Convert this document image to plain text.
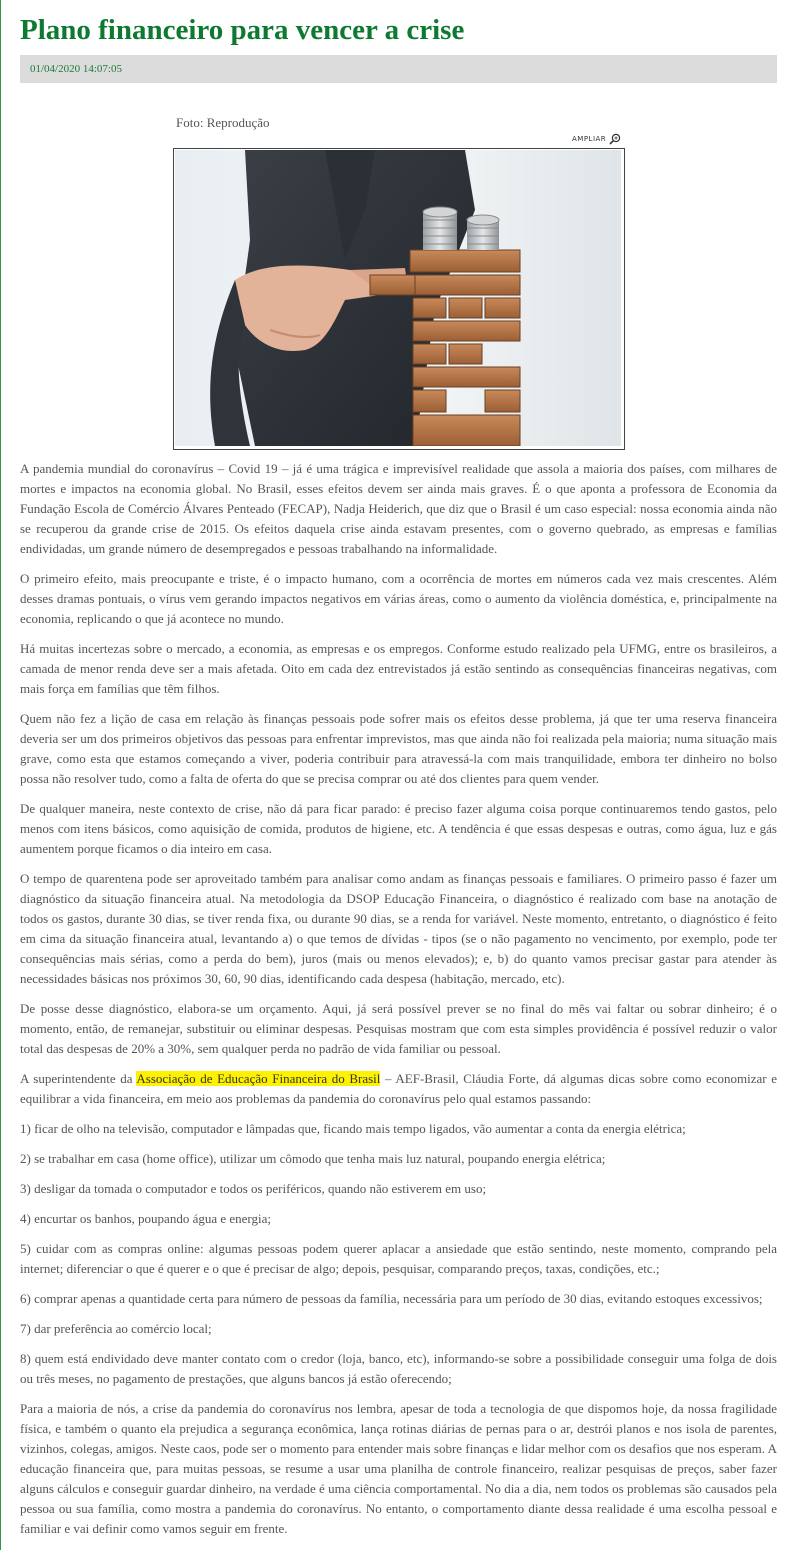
Plano financeiro para vencer a crise
01/04/2020 14:07:05
Foto: Reprodução
AMPLIAR

A pandemia mundial do coronavírus – Covid 19 – já é uma trágica e imprevisível realidade que assola a maioria dos países, com milhares de mortes e impactos na economia global. No Brasil, esses efeitos devem ser ainda mais graves. É o que aponta a professora de Economia da Fundação Escola de Comércio Álvares Penteado (FECAP), Nadja Heiderich, que diz que o Brasil é um caso especial: nossa economia ainda não se recuperou da grande crise de 2015. Os efeitos daquela crise ainda estavam presentes, com o governo quebrado, as empresas e famílias endividadas, um grande número de desempregados e pessoas trabalhando na informalidade.

O primeiro efeito, mais preocupante e triste, é o impacto humano, com a ocorrência de mortes em números cada vez mais crescentes. Além desses dramas pontuais, o vírus vem gerando impactos negativos em várias áreas, como o aumento da violência doméstica, e, principalmente na economia, replicando o que já acontece no mundo.

Há muitas incertezas sobre o mercado, a economia, as empresas e os empregos. Conforme estudo realizado pela UFMG, entre os brasileiros, a camada de menor renda deve ser a mais afetada. Oito em cada dez entrevistados já estão sentindo as consequências financeiras negativas, com mais força em famílias que têm filhos.

Quem não fez a lição de casa em relação às finanças pessoais pode sofrer mais os efeitos desse problema, já que ter uma reserva financeira deveria ser um dos primeiros objetivos das pessoas para enfrentar imprevistos, mas que ainda não foi realizada pela maioria; numa situação mais grave, como esta que estamos começando a viver, poderia contribuir para atravessá-la com mais tranquilidade, embora ter dinheiro no bolso possa não resolver tudo, como a falta de oferta do que se precisa comprar ou até dos clientes para quem vender.

De qualquer maneira, neste contexto de crise, não dá para ficar parado: é preciso fazer alguma coisa porque continuaremos tendo gastos, pelo menos com itens básicos, como aquisição de comida, produtos de higiene, etc. A tendência é que essas despesas e outras, como água, luz e gás aumentem porque ficamos o dia inteiro em casa.

O tempo de quarentena pode ser aproveitado também para analisar como andam as finanças pessoais e familiares. O primeiro passo é fazer um diagnóstico da situação financeira atual. Na metodologia da DSOP Educação Financeira, o diagnóstico é realizado com base na anotação de todos os gastos, durante 30 dias, se tiver renda fixa, ou durante 90 dias, se a renda for variável. Neste momento, entretanto, o diagnóstico é feito em cima da situação financeira atual, levantando a) o que temos de dívidas - tipos (se o não pagamento no vencimento, por exemplo, pode ter consequências mais sérias, como a perda do bem), juros (mais ou menos elevados); e, b) do quanto vamos precisar gastar para atender às necessidades básicas nos próximos 30, 60, 90 dias, identificando cada despesa (habitação, mercado, etc).

De posse desse diagnóstico, elabora-se um orçamento. Aqui, já será possível prever se no final do mês vai faltar ou sobrar dinheiro; é o momento, então, de remanejar, substituir ou eliminar despesas. Pesquisas mostram que com esta simples providência é possível reduzir o valor total das despesas de 20% a 30%, sem qualquer perda no padrão de vida familiar ou pessoal.

A superintendente da Associação de Educação Financeira do Brasil – AEF-Brasil, Cláudia Forte, dá algumas dicas sobre como economizar e equilibrar a vida financeira, em meio aos problemas da pandemia do coronavírus pelo qual estamos passando:

1) ficar de olho na televisão, computador e lâmpadas que, ficando mais tempo ligados, vão aumentar a conta da energia elétrica;

2) se trabalhar em casa (home office), utilizar um cômodo que tenha mais luz natural, poupando energia elétrica;

3) desligar da tomada o computador e todos os periféricos, quando não estiverem em uso;

4) encurtar os banhos, poupando água e energia;

5) cuidar com as compras online: algumas pessoas podem querer aplacar a ansiedade que estão sentindo, neste momento, comprando pela internet; diferenciar o que é querer e o que é precisar de algo; depois, pesquisar, comparando preços, taxas, condições, etc.;

6) comprar apenas a quantidade certa para número de pessoas da família, necessária para um período de 30 dias, evitando estoques excessivos;

7) dar preferência ao comércio local;

8) quem está endividado deve manter contato com o credor (loja, banco, etc), informando-se sobre a possibilidade conseguir uma folga de dois ou três meses, no pagamento de prestações, que alguns bancos já estão oferecendo;

Para a maioria de nós, a crise da pandemia do coronavírus nos lembra, apesar de toda a tecnologia de que dispomos hoje, da nossa fragilidade física, e também o quanto ela prejudica a segurança econômica, lança rotinas diárias de pernas para o ar, destrói planos e nos isola de parentes, vizinhos, colegas, amigos. Neste caos, pode ser o momento para entender mais sobre finanças e lidar melhor com os desafios que nos esperam. A educação financeira que, para muitas pessoas, se resume a usar uma planilha de controle financeiro, realizar pesquisas de preços, saber fazer alguns cálculos e conseguir guardar dinheiro, na verdade é uma ciência comportamental. No dia a dia, nem todos os problemas são causados pela pessoa ou sua família, como mostra a pandemia do coronavírus. No entanto, o comportamento diante dessa realidade é uma escolha pessoal e familiar e vai definir como vamos seguir em frente.
